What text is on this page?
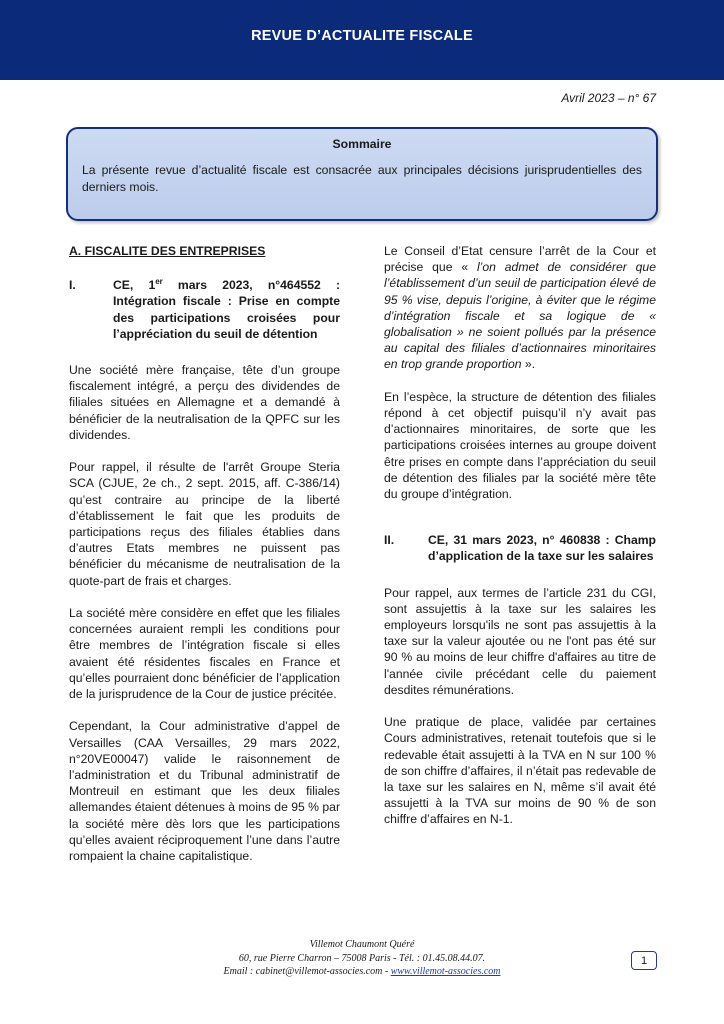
REVUE D’ACTUALITE FISCALE
Avril 2023 – n° 67
Sommaire
La présente revue d’actualité fiscale est consacrée aux principales décisions jurisprudentielles des derniers mois.
A. FISCALITE DES ENTREPRISES
I.	CE, 1er mars 2023, n°464552 : Intégration fiscale : Prise en compte des participations croisées pour l’appréciation du seuil de détention

Une société mère française, tête d’un groupe fiscalement intégré, a perçu des dividendes de filiales situées en Allemagne et a demandé à bénéficier de la neutralisation de la QPFC sur les dividendes.

Pour rappel, il résulte de l'arrêt Groupe Steria SCA (CJUE, 2e ch., 2 sept. 2015, aff. C-386/14) qu’est contraire au principe de la liberté d’établissement le fait que les produits de participations reçus des filiales établies dans d’autres Etats membres ne puissent pas bénéficier du mécanisme de neutralisation de la quote-part de frais et charges.

La société mère considère en effet que les filiales concernées auraient rempli les conditions pour être membres de l’intégration fiscale si elles avaient été résidentes fiscales en France et qu’elles pourraient donc bénéficier de l’application de la jurisprudence de la Cour de justice précitée.

Cependant, la Cour administrative d’appel de Versailles (CAA Versailles, 29 mars 2022, n°20VE00047) valide le raisonnement de l’administration et du Tribunal administratif de Montreuil en estimant que les deux filiales allemandes étaient détenues à moins de 95 % par la société mère dès lors que les participations qu’elles avaient réciproquement l’une dans l’autre rompaient la chaine capitalistique.

Le Conseil d’Etat censure l’arrêt de la Cour et précise que « l’on admet de considérer que l’établissement d’un seuil de participation élevé de 95 % vise, depuis l’origine, à éviter que le régime d’intégration fiscale et sa logique de « globalisation » ne soient pollués par la présence au capital des filiales d’actionnaires minoritaires en trop grande proportion ».

En l’espèce, la structure de détention des filiales répond à cet objectif puisqu’il n’y avait pas d’actionnaires minoritaires, de sorte que les participations croisées internes au groupe doivent être prises en compte dans l’appréciation du seuil de détention des filiales par la société mère tête du groupe d’intégration.

II.	CE, 31 mars 2023, n° 460838 : Champ d’application de la taxe sur les salaires

Pour rappel, aux termes de l’article 231 du CGI, sont assujettis à la taxe sur les salaires les employeurs lorsqu'ils ne sont pas assujettis à la taxe sur la valeur ajoutée ou ne l'ont pas été sur 90 % au moins de leur chiffre d'affaires au titre de l'année civile précédant celle du paiement desdites rémunérations.

Une pratique de place, validée par certaines Cours administratives, retenait toutefois que si le redevable était assujetti à la TVA en N sur 100 % de son chiffre d’affaires, il n’était pas redevable de la taxe sur les salaires en N, même s’il avait été assujetti à la TVA sur moins de 90 % de son chiffre d’affaires en N-1.

Villemot Chaumont Quéré
60, rue Pierre Charron – 75008 Paris - Tél. : 01.45.08.44.07.
Email : cabinet@villemot-associes.com - www.villemot-associes.com
1
